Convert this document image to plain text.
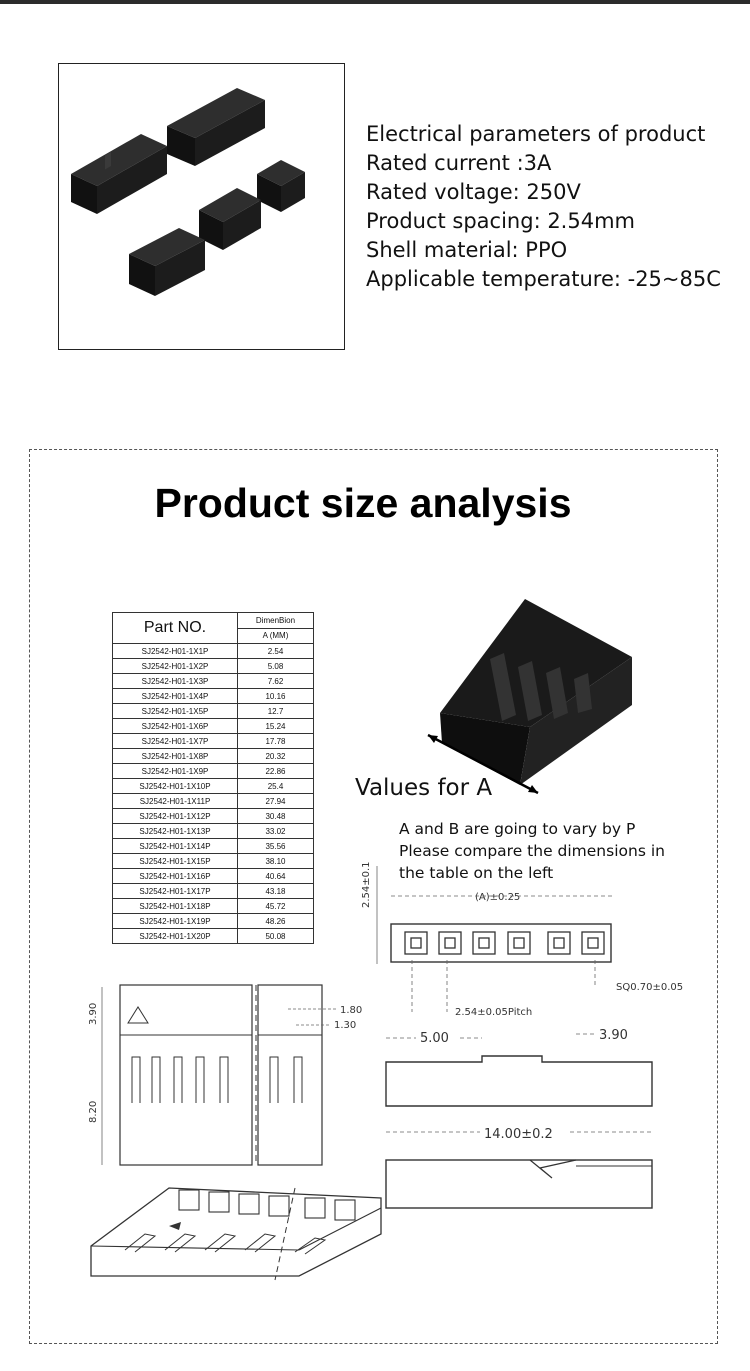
Electrical parameters of product
Rated current :3A
Rated voltage: 250V
Product spacing: 2.54mm
Shell material: PPO
Applicable temperature: -25~85C
Product size analysis
Part NO.	DimenBion
	A (MM)
SJ2542-H01-1X1P	2.54
SJ2542-H01-1X2P	5.08
SJ2542-H01-1X3P	7.62
SJ2542-H01-1X4P	10.16
SJ2542-H01-1X5P	12.7
SJ2542-H01-1X6P	15.24
SJ2542-H01-1X7P	17.78
SJ2542-H01-1X8P	20.32
SJ2542-H01-1X9P	22.86
SJ2542-H01-1X10P	25.4
SJ2542-H01-1X11P	27.94
SJ2542-H01-1X12P	30.48
SJ2542-H01-1X13P	33.02
SJ2542-H01-1X14P	35.56
SJ2542-H01-1X15P	38.10
SJ2542-H01-1X16P	40.64
SJ2542-H01-1X17P	43.18
SJ2542-H01-1X18P	45.72
SJ2542-H01-1X19P	48.26
SJ2542-H01-1X20P	50.08
Values for A
A and B are going to vary by P
Please compare the dimensions in
the table on the left
2.54±0.1	(A)±0.25
SQ0.70±0.05
2.54±0.05Pitch
5.00	3.90
14.00±0.2
3.90
8.20
1.80
1.30
